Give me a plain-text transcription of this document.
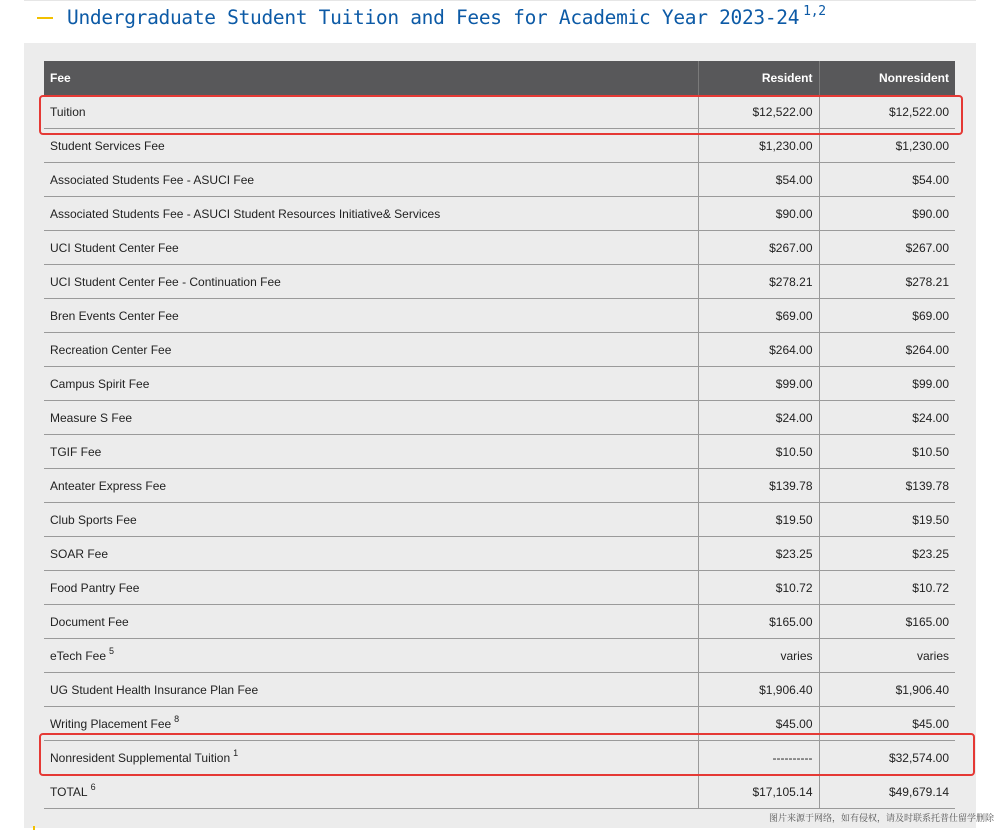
Undergraduate Student Tuition and Fees for Academic Year 2023-24 $^{1,2}$
Fee	Resident	Nonresident
Tuition	$12,522.00	$12,522.00
Student Services Fee	$1,230.00	$1,230.00
Associated Students Fee - ASUCI Fee	$54.00	$54.00
Associated Students Fee - ASUCI Student Resources Initiative& Services	$90.00	$90.00
UCI Student Center Fee	$267.00	$267.00
UCI Student Center Fee - Continuation Fee	$278.21	$278.21
Bren Events Center Fee	$69.00	$69.00
Recreation Center Fee	$264.00	$264.00
Campus Spirit Fee	$99.00	$99.00
Measure S Fee	$24.00	$24.00
TGIF Fee	$10.50	$10.50
Anteater Express Fee	$139.78	$139.78
Club Sports Fee	$19.50	$19.50
SOAR Fee	$23.25	$23.25
Food Pantry Fee	$10.72	$10.72
Document Fee	$165.00	$165.00
eTech Fee $^5$	varies	varies
UG Student Health Insurance Plan Fee	$1,906.40	$1,906.40
Writing Placement Fee $^8$	$45.00	$45.00
Nonresident Supplemental Tuition $^1$	----------	$32,574.00
TOTAL $^6$	$17,105.14	$49,679.14
图片来源于网络，如有侵权，请及时联系托普仕留学删除
